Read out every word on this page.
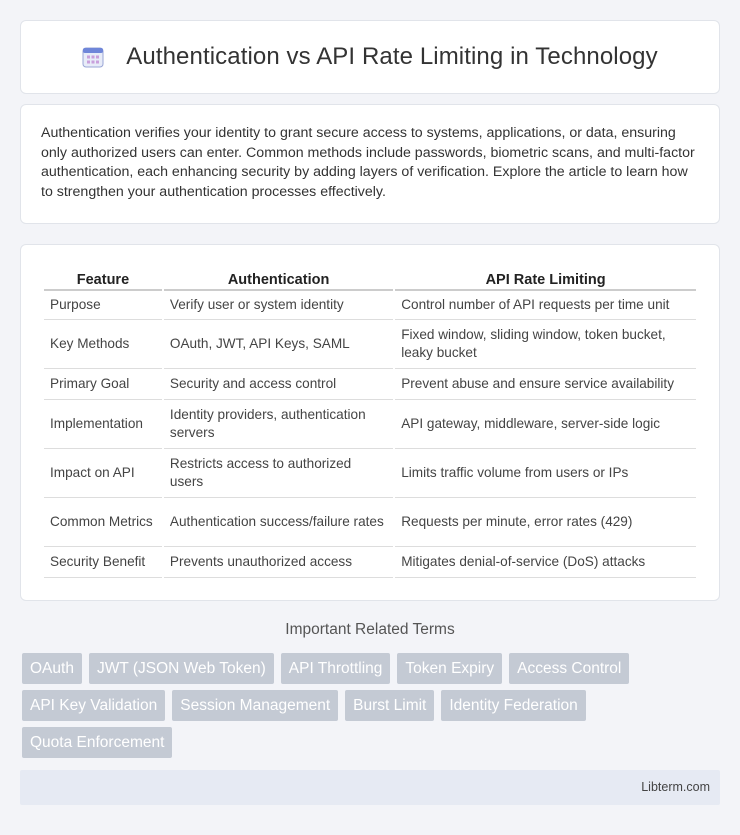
Authentication vs API Rate Limiting in Technology

Authentication verifies your identity to grant secure access to systems, applications, or data, ensuring only authorized users can enter. Common methods include passwords, biometric scans, and multi-factor authentication, each enhancing security by adding layers of verification. Explore the article to learn how to strengthen your authentication processes effectively.

Feature	Authentication	API Rate Limiting
Purpose	Verify user or system identity	Control number of API requests per time unit
Key Methods	OAuth, JWT, API Keys, SAML	Fixed window, sliding window, token bucket, leaky bucket
Primary Goal	Security and access control	Prevent abuse and ensure service availability
Implementation	Identity providers, authentication servers	API gateway, middleware, server-side logic
Impact on API	Restricts access to authorized users	Limits traffic volume from users or IPs
Common Metrics	Authentication success/failure rates	Requests per minute, error rates (429)
Security Benefit	Prevents unauthorized access	Mitigates denial-of-service (DoS) attacks
Important Related Terms
OAuth	JWT (JSON Web Token)	API Throttling	Token Expiry	Access Control
API Key Validation	Session Management	Burst Limit	Identity Federation
Quota Enforcement
Libterm.com
